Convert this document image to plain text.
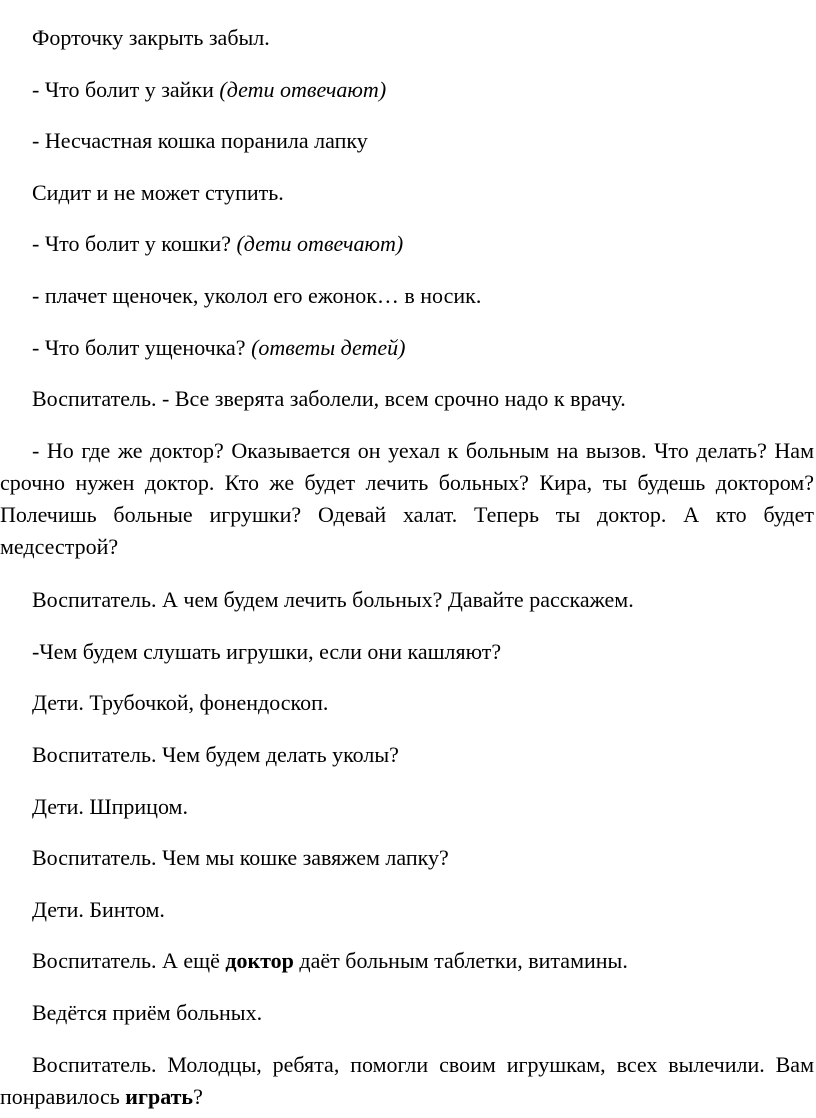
Форточку закрыть забыл.

- Что болит у зайки (дети отвечают)

- Несчастная кошка поранила лапку

Сидит и не может ступить.

- Что болит у кошки? (дети отвечают)

- плачет щеночек, уколол его ежонок… в носик.

- Что болит ущеночка? (ответы детей)

Воспитатель. - Все зверята заболели, всем срочно надо к врачу.

- Но где же доктор? Оказывается он уехал к больным на вызов. Что делать? Нам срочно нужен доктор. Кто же будет лечить больных? Кира, ты будешь доктором? Полечишь больные игрушки? Одевай халат. Теперь ты доктор. А кто будет медсестрой?

Воспитатель. А чем будем лечить больных? Давайте расскажем.

-Чем будем слушать игрушки, если они кашляют?

Дети. Трубочкой, фонендоскоп.

Воспитатель. Чем будем делать уколы?

Дети. Шприцом.

Воспитатель. Чем мы кошке завяжем лапку?

Дети. Бинтом.

Воспитатель. А ещё доктор даёт больным таблетки, витамины.

Ведётся приём больных.

Воспитатель. Молодцы, ребята, помогли своим игрушкам, всех вылечили. Вам понравилось играть?
